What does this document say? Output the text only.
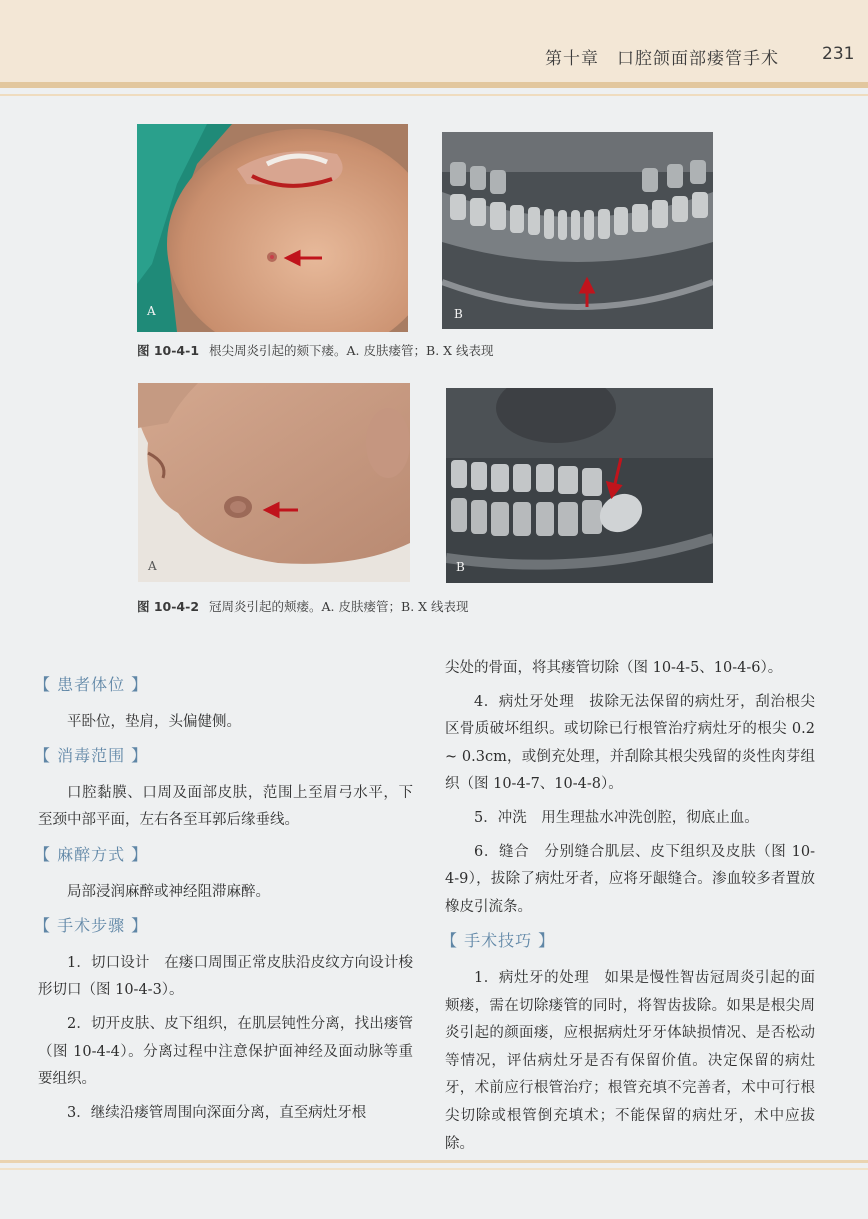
第十章　口腔颌面部瘘管手术	231
A	B
图 10-4-1 根尖周炎引起的颏下瘘。A. 皮肤瘘管；B. X 线表现
A	B
图 10-4-2 冠周炎引起的颊瘘。A. 皮肤瘘管；B. X 线表现
【 患者体位 】

平卧位，垫肩，头偏健侧。

【 消毒范围 】

口腔黏膜、口周及面部皮肤，范围上至眉弓水平，下至颈中部平面，左右各至耳郭后缘垂线。

【 麻醉方式 】

局部浸润麻醉或神经阻滞麻醉。

【 手术步骤 】

1．切口设计　在瘘口周围正常皮肤沿皮纹方向设计梭形切口（图 10-4-3）。

2．切开皮肤、皮下组织，在肌层钝性分离，找出瘘管（图 10-4-4）。分离过程中注意保护面神经及面动脉等重要组织。

3．继续沿瘘管周围向深面分离，直至病灶牙根

尖处的骨面，将其瘘管切除（图 10-4-5、10-4-6）。

4．病灶牙处理　拔除无法保留的病灶牙，刮治根尖区骨质破坏组织。或切除已行根管治疗病灶牙的根尖 0.2 ~ 0.3cm，或倒充处理，并刮除其根尖残留的炎性肉芽组织（图 10-4-7、10-4-8）。

5．冲洗　用生理盐水冲洗创腔，彻底止血。

6．缝合　分别缝合肌层、皮下组织及皮肤（图 10-4-9），拔除了病灶牙者，应将牙龈缝合。渗血较多者置放橡皮引流条。

【 手术技巧 】

1．病灶牙的处理　如果是慢性智齿冠周炎引起的面颊瘘，需在切除瘘管的同时，将智齿拔除。如果是根尖周炎引起的颜面瘘，应根据病灶牙牙体缺损情况、是否松动等情况，评估病灶牙是否有保留价值。决定保留的病灶牙，术前应行根管治疗；根管充填不完善者，术中可行根尖切除或根管倒充填术；不能保留的病灶牙，术中应拔除。
